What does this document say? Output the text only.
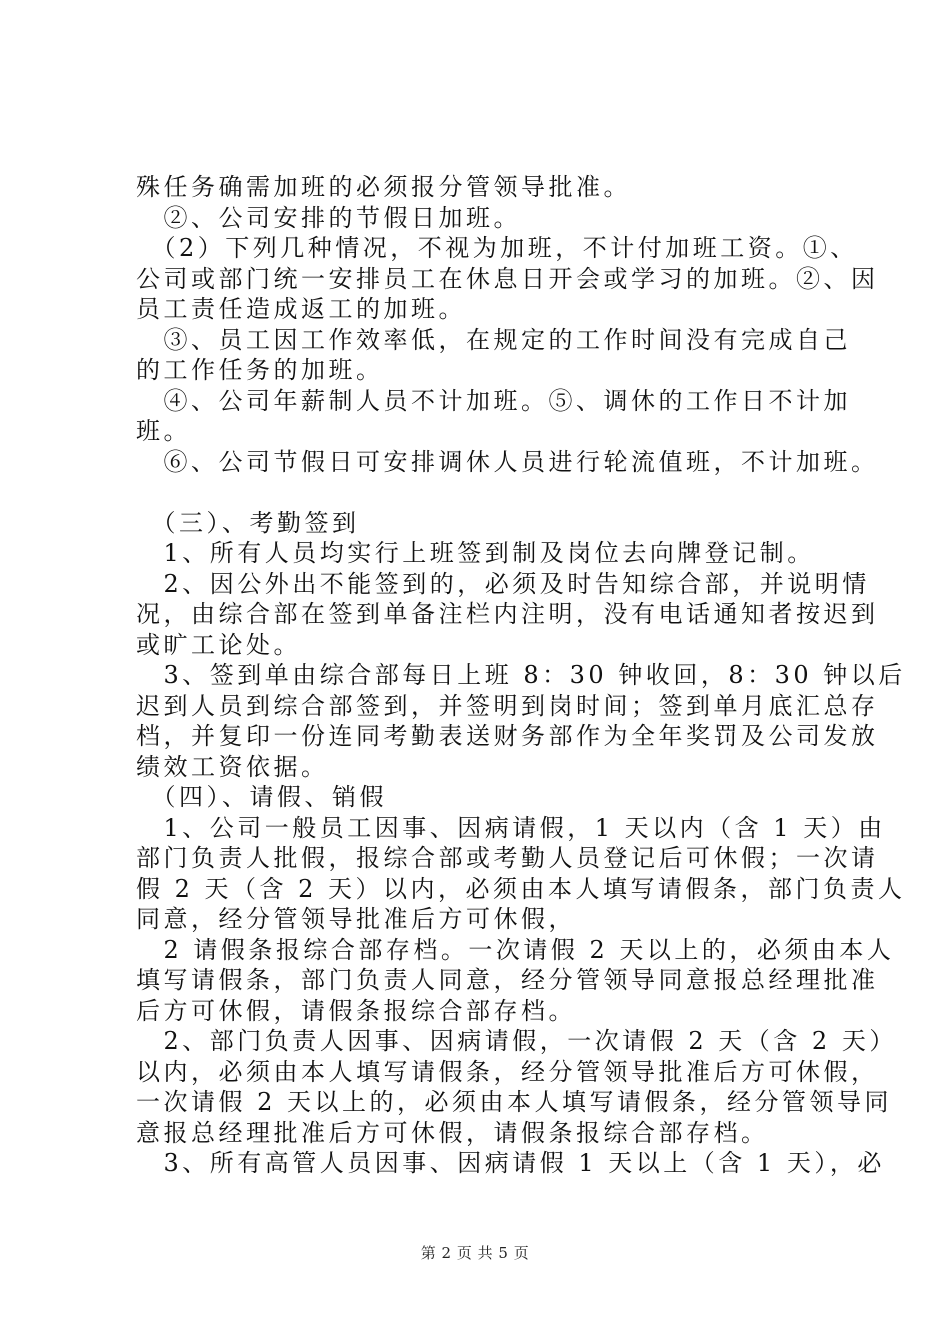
殊任务确需加班的必须报分管领导批准。
　②、公司安排的节假日加班。
　（2）下列几种情况，不视为加班，不计付加班工资。①、
公司或部门统一安排员工在休息日开会或学习的加班。②、因
员工责任造成返工的加班。
　③、员工因工作效率低，在规定的工作时间没有完成自己
的工作任务的加班。
　④、公司年薪制人员不计加班。⑤、调休的工作日不计加
班。
　⑥、公司节假日可安排调休人员进行轮流值班，不计加班。
　（三）、考勤签到
　1、所有人员均实行上班签到制及岗位去向牌登记制。
　2、因公外出不能签到的，必须及时告知综合部，并说明情
况，由综合部在签到单备注栏内注明，没有电话通知者按迟到
或旷工论处。
　3、签到单由综合部每日上班 8：30 钟收回，8：30 钟以后
迟到人员到综合部签到，并签明到岗时间；签到单月底汇总存
档，并复印一份连同考勤表送财务部作为全年奖罚及公司发放
绩效工资依据。
　（四）、请假、销假
　1、公司一般员工因事、因病请假，1 天以内（含 1 天）由
部门负责人批假，报综合部或考勤人员登记后可休假；一次请
假 2 天（含 2 天）以内，必须由本人填写请假条，部门负责人
同意，经分管领导批准后方可休假，
　2 请假条报综合部存档。一次请假 2 天以上的，必须由本人
填写请假条，部门负责人同意，经分管领导同意报总经理批准
后方可休假，请假条报综合部存档。
　2、部门负责人因事、因病请假，一次请假 2 天（含 2 天）
以内，必须由本人填写请假条，经分管领导批准后方可休假，
一次请假 2 天以上的，必须由本人填写请假条，经分管领导同
意报总经理批准后方可休假，请假条报综合部存档。
　3、所有高管人员因事、因病请假 1 天以上（含 1 天），必
第 2 页 共 5 页
